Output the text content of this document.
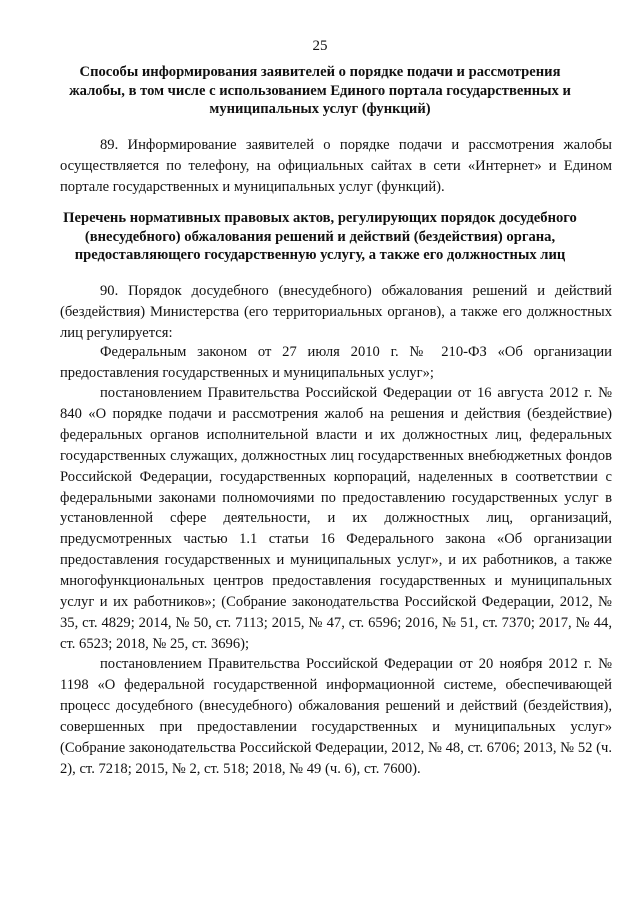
25

Способы информирования заявителей о порядке подачи и рассмотрения жалобы, в том числе с использованием Единого портала государственных и муниципальных услуг (функций)

89. Информирование заявителей о порядке подачи и рассмотрения жалобы осуществляется по телефону, на официальных сайтах в сети «Интернет» и Едином портале государственных и муниципальных услуг (функций).

Перечень нормативных правовых актов, регулирующих порядок досудебного (внесудебного) обжалования решений и действий (бездействия) органа, предоставляющего государственную услугу, а также его должностных лиц

90. Порядок досудебного (внесудебного) обжалования решений и действий (бездействия) Министерства (его территориальных органов), а также его должностных лиц регулируется:

Федеральным законом от 27 июля 2010 г. № 210-ФЗ «Об организации предоставления государственных и муниципальных услуг»;

постановлением Правительства Российской Федерации от 16 августа 2012 г. № 840 «О порядке подачи и рассмотрения жалоб на решения и действия (бездействие) федеральных органов исполнительной власти и их должностных лиц, федеральных государственных служащих, должностных лиц государственных внебюджетных фондов Российской Федерации, государственных корпораций, наделенных в соответствии с федеральными законами полномочиями по предоставлению государственных услуг в установленной сфере деятельности, и их должностных лиц, организаций, предусмотренных частью 1.1 статьи 16 Федерального закона «Об организации предоставления государственных и муниципальных услуг», и их работников, а также многофункциональных центров предоставления государственных и муниципальных услуг и их работников»; (Собрание законодательства Российской Федерации, 2012, № 35, ст. 4829; 2014, № 50, ст. 7113; 2015, № 47, ст. 6596; 2016, № 51, ст. 7370; 2017, № 44, ст. 6523; 2018, № 25, ст. 3696);

постановлением Правительства Российской Федерации от 20 ноября 2012 г. № 1198 «О федеральной государственной информационной системе, обеспечивающей процесс досудебного (внесудебного) обжалования решений и действий (бездействия), совершенных при предоставлении государственных и муниципальных услуг» (Собрание законодательства Российской Федерации, 2012, № 48, ст. 6706; 2013, № 52 (ч. 2), ст. 7218; 2015, № 2, ст. 518; 2018, № 49 (ч. 6), ст. 7600).
